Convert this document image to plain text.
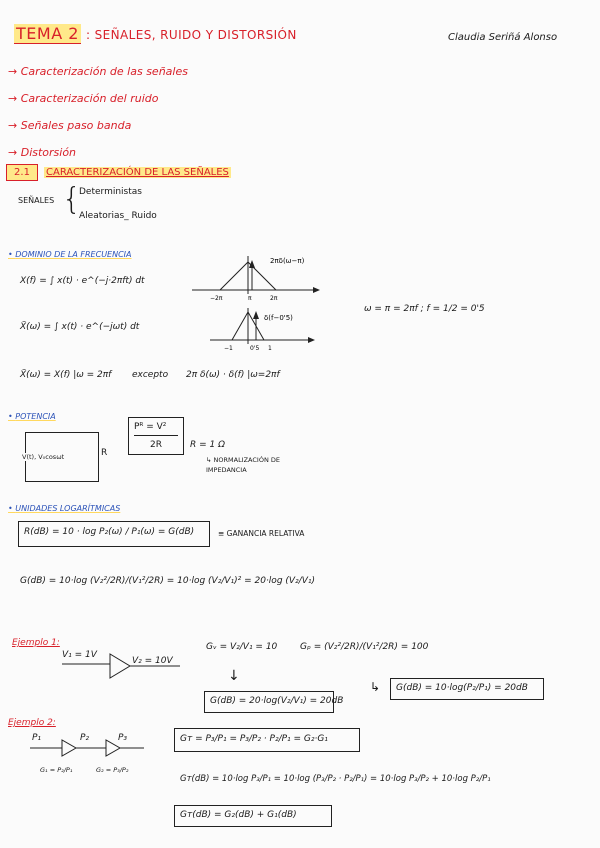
TEMA 2 : SEÑALES, RUIDO Y DISTORSIÓN	Claudia Seriñá Alonso
→ Caracterización de las señales
→ Caracterización del ruido
→ Señales paso banda
→ Distorsión
2.1	CARACTERIZACIÓN DE LAS SEÑALES
SEÑALES {
Deterministas
Aleatorias_ Ruido
• DOMINIO DE LA FRECUENCIA
X(f) = ∫ x(t) · e^(−j·2πft) dt
X̃(ω) = ∫ x(t) · e^(−jωt) dt
X̃(ω) = X(f) |ω = 2πf excepto 2π δ(ω) · δ(f) |ω=2πf
ω = π = 2πf ; f = 1/2 = 0'5
2πδ(ω−π)
−2π	π	2π
δ(f−0'5)
−1	0'5 1
• POTENCIA
V(t), V₀cosωt	R
Pᴿ = V²
2R	R = 1 Ω
↳ NORMALIZACIÓN DE IMPEDANCIA
• UNIDADES LOGARÍTMICAS
R(dB) = 10 · log P₂(ω) / P₁(ω) = G(dB)	≡ GANANCIA RELATIVA
G(dB) = 10·log (V₂²/2R)/(V₁²/2R) = 10·log (V₂/V₁)² = 20·log (V₂/V₁)
Ejemplo 1:
V₁ = 1V
V₂ = 10V
Gᵥ = V₂/V₁ = 10	Gₚ = (V₂²/2R)/(V₁²/2R) = 100
↓
G(dB) = 20·log(V₂/V₁) = 20dB
↳ G(dB) = 10·log(P₂/P₁) = 20dB
Ejemplo 2:
P₁	P₂	P₃
G₁ = P₂/P₁	G₂ = P₃/P₂
Gᴛ = P₃/P₁ = P₃/P₂ · P₂/P₁ = G₂·G₁
Gᴛ(dB) = 10·log P₃/P₁ = 10·log (P₃/P₂ · P₂/P₁) = 10·log P₃/P₂ + 10·log P₂/P₁
Gᴛ(dB) = G₂(dB) + G₁(dB)
